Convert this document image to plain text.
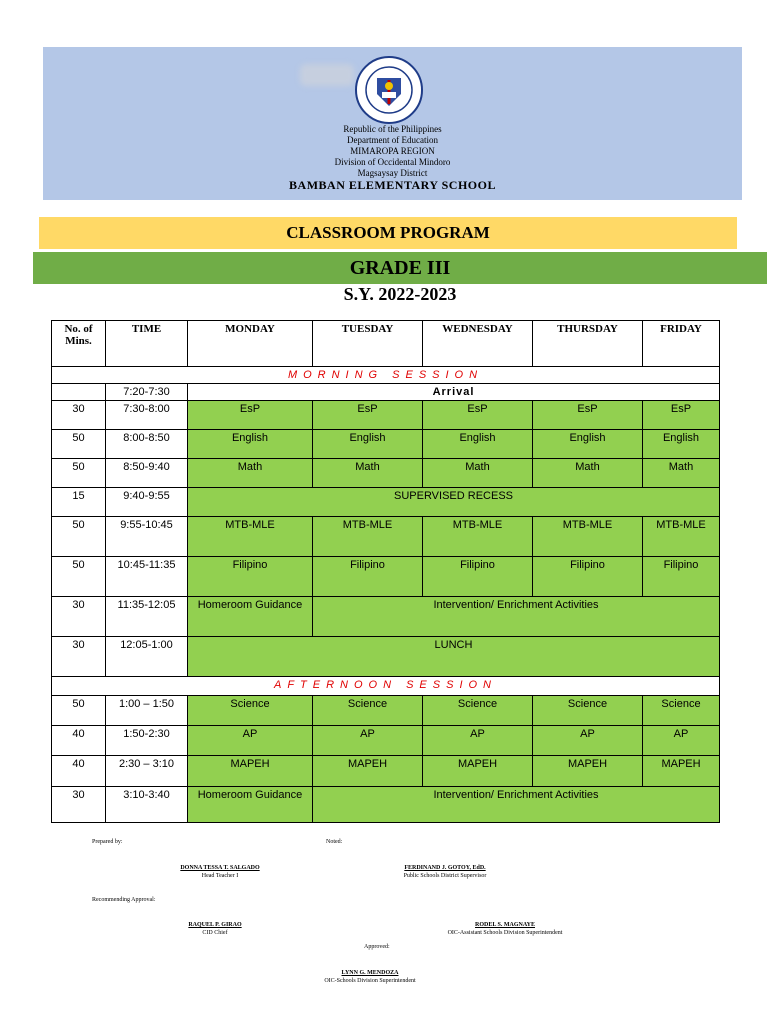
Republic of the Philippines
Department of Education
MIMAROPA REGION
Division of Occidental Mindoro
Magsaysay District
BAMBAN ELEMENTARY SCHOOL
CLASSROOM PROGRAM
GRADE III
S.Y. 2022-2023
No. of Mins.	TIME	MONDAY	TUESDAY	WEDNESDAY	THURSDAY	FRIDAY
MORNING SESSION						
	7:20-7:30	Arrival				
30	7:30-8:00	EsP	EsP	EsP	EsP	EsP
50	8:00-8:50	English	English	English	English	English
50	8:50-9:40	Math	Math	Math	Math	Math
15	9:40-9:55	SUPERVISED RECESS				
50	9:55-10:45	MTB-MLE	MTB-MLE	MTB-MLE	MTB-MLE	MTB-MLE
50	10:45-11:35	Filipino	Filipino	Filipino	Filipino	Filipino
30	11:35-12:05	Homeroom Guidance	Intervention/ Enrichment Activities			
30	12:05-1:00	LUNCH				
AFTERNOON SESSION						
50	1:00 – 1:50	Science	Science	Science	Science	Science
40	1:50-2:30	AP	AP	AP	AP	AP
40	2:30 – 3:10	MAPEH	MAPEH	MAPEH	MAPEH	MAPEH
30	3:10-3:40	Homeroom Guidance	Intervention/ Enrichment Activities			
Prepared by:	Noted:
DONNA TESSA T. SALGADO
Head Teacher I
FERDINAND J. GOTOY, EdD.
Public Schools District Supervisor
Recommending Approval:
RAQUEL P. GIRAO
CID Chief
RODEL S. MAGNAYE
OIC-Assistant Schools Division Superintendent
Approved:
LYNN G. MENDOZA
OIC-Schools Division Superintendent
